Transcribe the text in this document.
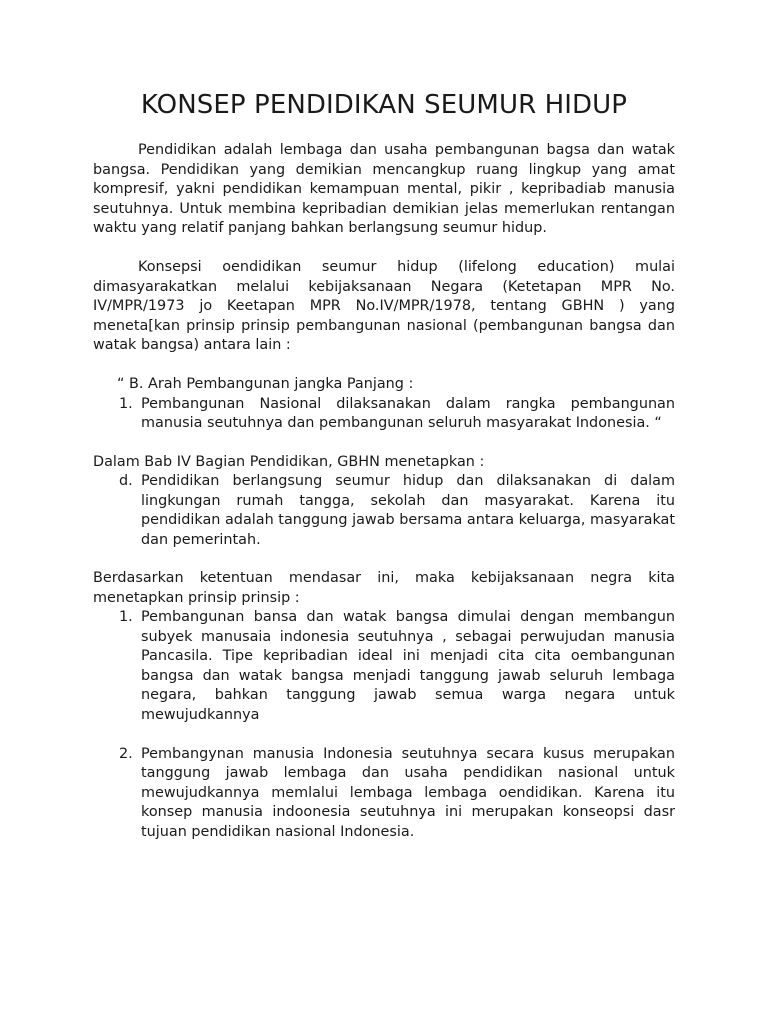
KONSEP PENDIDIKAN SEUMUR HIDUP

Pendidikan adalah lembaga dan usaha pembangunan bagsa dan watak bangsa. Pendidikan yang demikian mencangkup ruang lingkup yang amat kompresif, yakni pendidikan kemampuan mental, pikir , kepribadiab manusia seutuhnya. Untuk membina kepribadian demikian jelas memerlukan rentangan waktu yang relatif panjang bahkan berlangsung seumur hidup.

Konsepsi oendidikan seumur hidup (lifelong education) mulai dimasyarakatkan melalui kebijaksanaan Negara (Ketetapan MPR No. IV/MPR/1973 jo Keetapan MPR No.IV/MPR/1978, tentang GBHN ) yang meneta[kan prinsip prinsip pembangunan nasional (pembangunan bangsa dan watak bangsa) antara lain :

“ B. Arah Pembangunan jangka Panjang :

1. Pembangunan Nasional dilaksanakan dalam rangka pembangunan manusia seutuhnya dan pembangunan seluruh masyarakat Indonesia. “

Dalam Bab IV Bagian Pendidikan, GBHN menetapkan :

d. Pendidikan berlangsung seumur hidup dan dilaksanakan di dalam lingkungan rumah tangga, sekolah dan masyarakat. Karena itu pendidikan adalah tanggung jawab bersama antara keluarga, masyarakat dan pemerintah.

Berdasarkan ketentuan mendasar ini, maka kebijaksanaan negra kita menetapkan prinsip prinsip :

1. Pembangunan bansa dan watak bangsa dimulai dengan membangun subyek manusaia indonesia seutuhnya , sebagai perwujudan manusia Pancasila. Tipe kepribadian ideal ini menjadi cita cita oembangunan bangsa dan watak bangsa menjadi tanggung jawab seluruh lembaga negara, bahkan tanggung jawab semua warga negara untuk mewujudkannya
2. Pembangynan manusia Indonesia seutuhnya secara kusus merupakan tanggung jawab lembaga dan usaha pendidikan nasional untuk mewujudkannya memlalui lembaga lembaga oendidikan. Karena itu konsep manusia indoonesia seutuhnya ini merupakan konseopsi dasr tujuan pendidikan nasional Indonesia.
